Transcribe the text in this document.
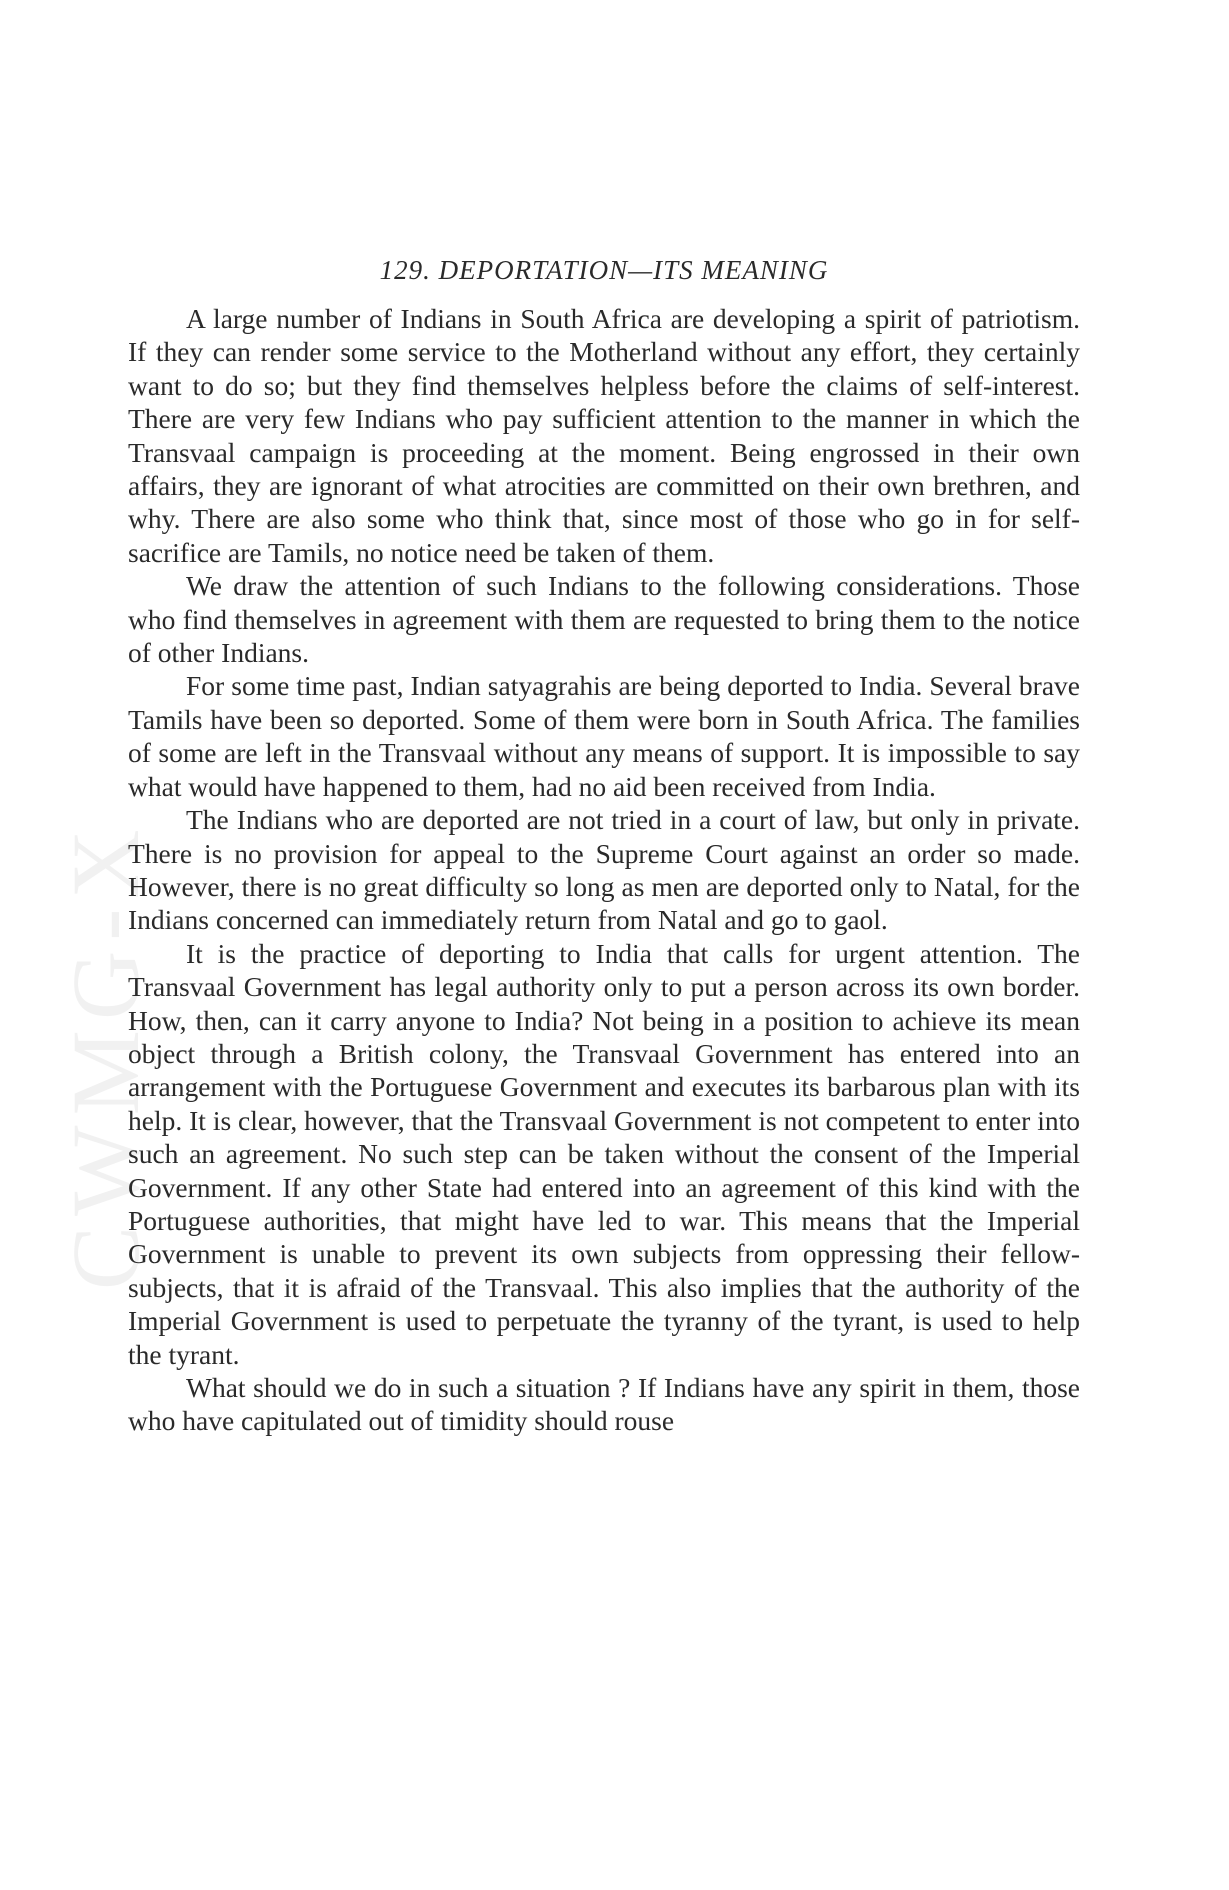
CWMG-X
129. DEPORTATION—ITS MEANING

A large number of Indians in South Africa are developing a spirit of patriotism. If they can render some service to the Motherland without any effort, they certainly want to do so; but they find themselves helpless before the claims of self-interest. There are very few Indians who pay sufficient attention to the manner in which the Transvaal campaign is proceeding at the moment. Being engrossed in their own affairs, they are ignorant of what atrocities are committed on their own brethren, and why. There are also some who think that, since most of those who go in for self-sacrifice are Tamils, no notice need be taken of them.

We draw the attention of such Indians to the following considerations. Those who find themselves in agreement with them are requested to bring them to the notice of other Indians.

For some time past, Indian satyagrahis are being deported to India. Several brave Tamils have been so deported. Some of them were born in South Africa. The families of some are left in the Transvaal without any means of support. It is impossible to say what would have happened to them, had no aid been received from India.

The Indians who are deported are not tried in a court of law, but only in private. There is no provision for appeal to the Supreme Court against an order so made. However, there is no great difficulty so long as men are deported only to Natal, for the Indians concerned can immediately return from Natal and go to gaol.

It is the practice of deporting to India that calls for urgent attention. The Transvaal Government has legal authority only to put a person across its own border. How, then, can it carry anyone to India? Not being in a position to achieve its mean object through a British colony, the Transvaal Government has entered into an arrangement with the Portuguese Government and executes its barbarous plan with its help. It is clear, however, that the Transvaal Government is not competent to enter into such an agreement. No such step can be taken without the consent of the Imperial Government. If any other State had entered into an agreement of this kind with the Portuguese authorities, that might have led to war. This means that the Imperial Government is unable to prevent its own subjects from oppressing their fellow-subjects, that it is afraid of the Transvaal. This also implies that the authority of the Imperial Government is used to perpetuate the tyranny of the tyrant, is used to help the tyrant.

What should we do in such a situation ? If Indians have any spirit in them, those who have capitulated out of timidity should rouse
